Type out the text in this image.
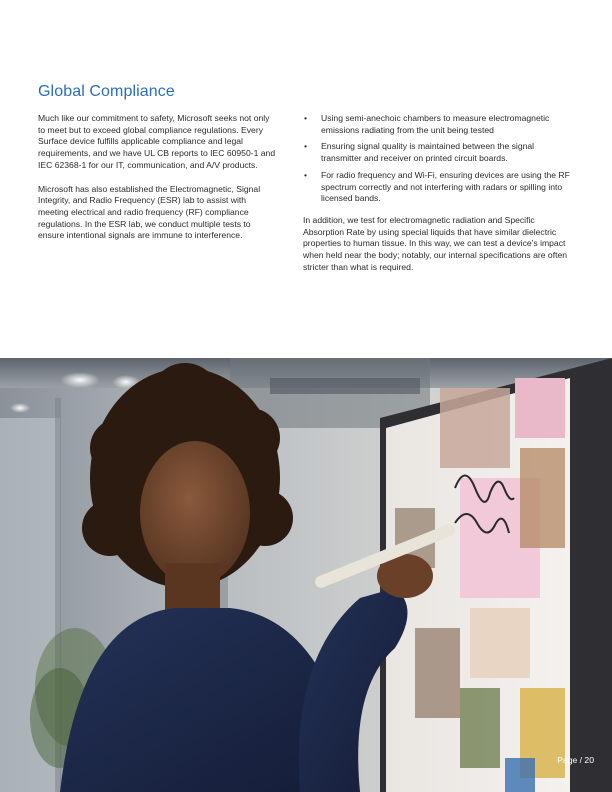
Global Compliance

Much like our commitment to safety, Microsoft seeks not only to meet but to exceed global compliance regulations. Every Surface device fulfills applicable compliance and legal requirements, and we have UL CB reports to IEC 60950-1 and IEC 62368-1 for our IT, communication, and A/V products.

Microsoft has also established the Electromagnetic, Signal Integrity, and Radio Frequency (ESR) lab to assist with meeting electrical and radio frequency (RF) compliance regulations. In the ESR lab, we conduct multiple tests to ensure intentional signals are immune to interference.

• Using semi-anechoic chambers to measure electromagnetic emissions radiating from the unit being tested
• Ensuring signal quality is maintained between the signal transmitter and receiver on printed circuit boards.
• For radio frequency and Wi-Fi, ensuring devices are using the RF spectrum correctly and not interfering with radars or spilling into licensed bands.

In addition, we test for electromagnetic radiation and Specific Absorption Rate by using special liquids that have similar dielectric properties to human tissue. In this way, we can test a device’s impact when held near the body; notably, our internal specifications are often stricter than what is required.

Page / 20
